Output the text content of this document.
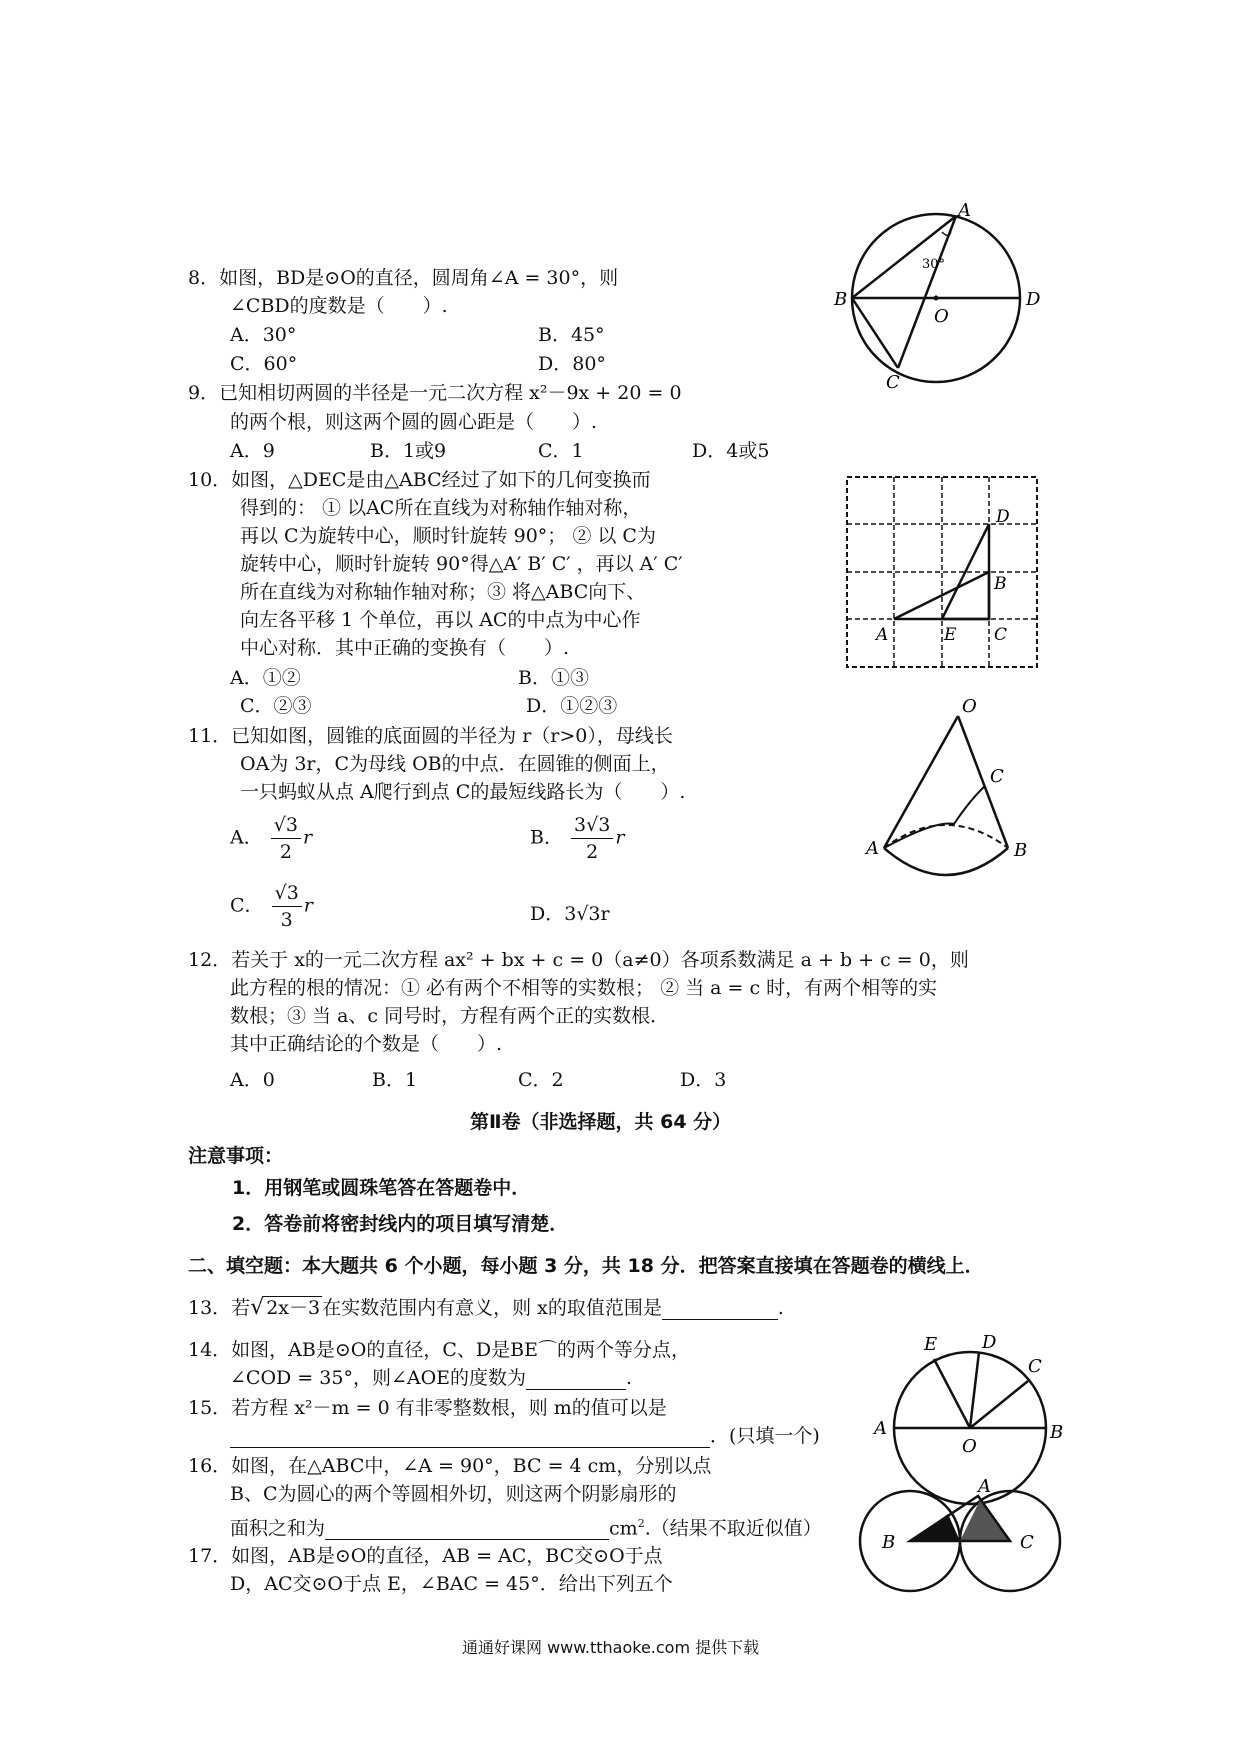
8．如图，BD是⊙O的直径，圆周角∠A = 30°，则
∠CBD的度数是（　　）.
A．30°	B．45°
C．60°	D．80°
A
B
O
D
C
30°
9．已知相切两圆的半径是一元二次方程 x²－9x + 20 = 0
的两个根，则这两个圆的圆心距是（　　）.
A．9	B．1或9	C．1	D．4或5
10．如图，△DEC是由△ABC经过了如下的几何变换而
得到的： ① 以AC所在直线为对称轴作轴对称，
再以 C为旋转中心，顺时针旋转 90°； ② 以 C为
旋转中心，顺时针旋转 90°得△A′ B′ C′ ，再以 A′ C′
所在直线为对称轴作轴对称；③ 将△ABC向下、
向左各平移 1 个单位，再以 AC的中点为中心作
中心对称．其中正确的变换有（　　）.
A．①②	B．①③
C．②③	D．①②③
D
B
A	E C
11．已知如图，圆锥的底面圆的半径为 r（r>0），母线长
OA为 3r，C为母线 OB的中点．在圆锥的侧面上，
一只蚂蚁从点 A爬行到点 C的最短线路长为（　　）.
A． $\frac{√3}{2}$ r	B． $\frac{3√3}{2}$ r
C． $\frac{√3}{3}$ r	D．3√3r
O
C
A	B
12．若关于 x的一元二次方程 ax² + bx + c = 0（a≠0）各项系数满足 a + b + c = 0，则
此方程的根的情况：① 必有两个不相等的实数根； ② 当 a = c 时，有两个相等的实
数根；③ 当 a、c 同号时，方程有两个正的实数根．
其中正确结论的个数是（　　）.
A．0	B．1	C．2	D．3
第Ⅱ卷（非选择题，共 64 分）
注意事项：
1．用钢笔或圆珠笔答在答题卷中．
2．答卷前将密封线内的项目填写清楚．
二、填空题：本大题共 6 个小题，每小题 3 分，共 18 分．把答案直接填在答题卷的横线上．
13．若√ 2x－3 在实数范围内有意义，则 x的取值范围是	.
14．如图，AB是⊙O的直径，C、D是BE⌒的两个等分点，
∠COD = 35°，则∠AOE的度数为	.
15．若方程 x²－m = 0 有非零整数根，则 m的值可以是
．(只填一个)
E D
C
A
O
B
16．如图，在△ABC中，∠A = 90°，BC = 4 cm，分别以点
B、C为圆心的两个等圆相外切，则这两个阴影扇形的
面积之和为	$cm^2$.（结果不取近似值）
A
B	C
17．如图，AB是⊙O的直径，AB = AC，BC交⊙O于点
D，AC交⊙O于点 E，∠BAC = 45°．给出下列五个
通通好课网 www.tthaoke.com 提供下载
